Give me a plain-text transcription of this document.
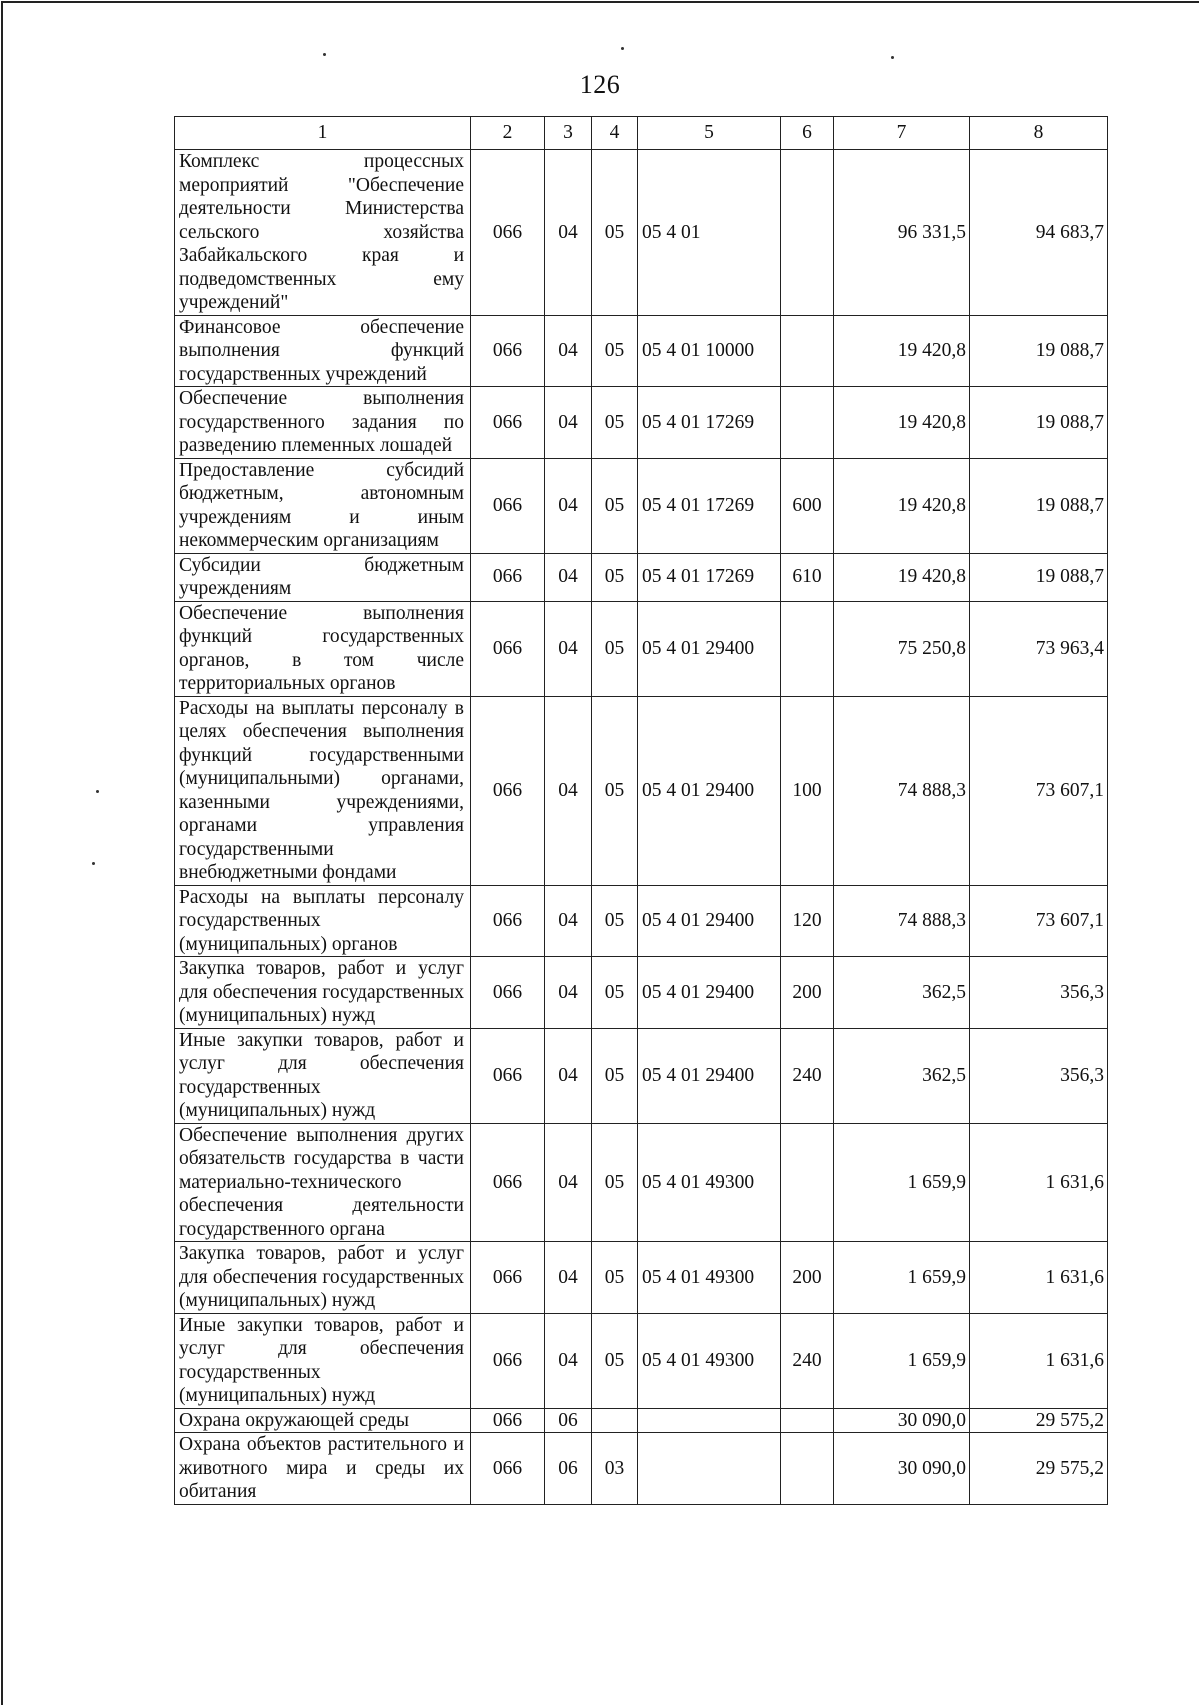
126
1	2	3	4	5	6	7	8
Комплекс процессных мероприятий "Обеспечение деятельности Министерства сельского хозяйства Забайкальского края и подведомственных ему учреждений"	066	04	05	05 4 01		96 331,5	94 683,7
Финансовое обеспечение выполнения функций государственных учреждений	066	04	05	05 4 01 10000		19 420,8	19 088,7
Обеспечение выполнения государственного задания по разведению племенных лошадей	066	04	05	05 4 01 17269		19 420,8	19 088,7
Предоставление субсидий бюджетным, автономным учреждениям и иным некоммерческим организациям	066	04	05	05 4 01 17269	600	19 420,8	19 088,7
Субсидии бюджетным учреждениям	066	04	05	05 4 01 17269	610	19 420,8	19 088,7
Обеспечение выполнения функций государственных органов, в том числе территориальных органов	066	04	05	05 4 01 29400		75 250,8	73 963,4
Расходы на выплаты персоналу в целях обеспечения выполнения функций государственными (муниципальными) органами, казенными учреждениями, органами управления государственными внебюджетными фондами	066	04	05	05 4 01 29400	100	74 888,3	73 607,1
Расходы на выплаты персоналу государственных (муниципальных) органов	066	04	05	05 4 01 29400	120	74 888,3	73 607,1
Закупка товаров, работ и услуг для обеспечения государственных (муниципальных) нужд	066	04	05	05 4 01 29400	200	362,5	356,3
Иные закупки товаров, работ и услуг для обеспечения государственных (муниципальных) нужд	066	04	05	05 4 01 29400	240	362,5	356,3
Обеспечение выполнения других обязательств государства в части материально-технического обеспечения деятельности государственного органа	066	04	05	05 4 01 49300		1 659,9	1 631,6
Закупка товаров, работ и услуг для обеспечения государственных (муниципальных) нужд	066	04	05	05 4 01 49300	200	1 659,9	1 631,6
Иные закупки товаров, работ и услуг для обеспечения государственных (муниципальных) нужд	066	04	05	05 4 01 49300	240	1 659,9	1 631,6
Охрана окружающей среды	066	06				30 090,0	29 575,2
Охрана объектов растительного и животного мира и среды их обитания	066	06	03			30 090,0	29 575,2
